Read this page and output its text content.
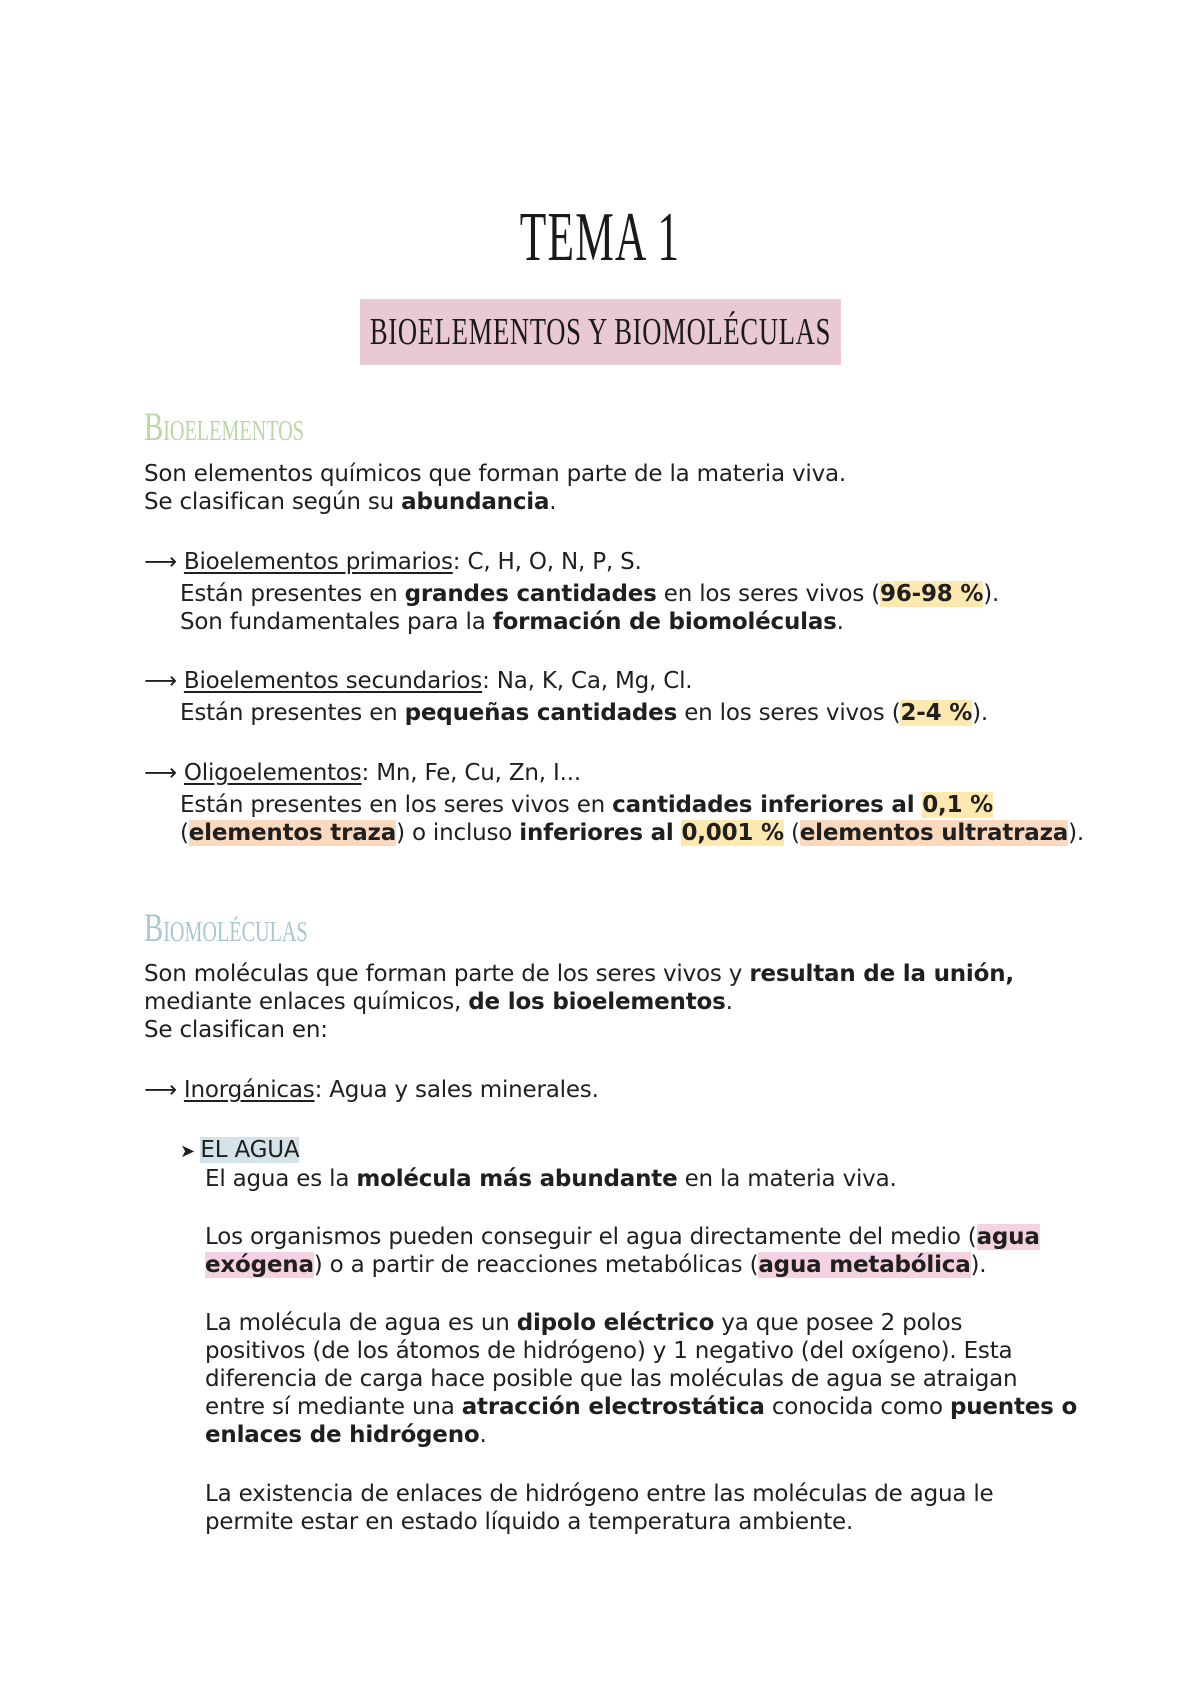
TEMA 1
BIOELEMENTOS Y BIOMOLÉCULAS
Bioelementos
Son elementos químicos que forman parte de la materia viva.
Se clasifican según su abundancia.
⟶ Bioelementos primarios: C, H, O, N, P, S.
Están presentes en grandes cantidades en los seres vivos (96-98 %).
Son fundamentales para la formación de biomoléculas.
⟶ Bioelementos secundarios: Na, K, Ca, Mg, Cl.
Están presentes en pequeñas cantidades en los seres vivos (2-4 %).
⟶ Oligoelementos: Mn, Fe, Cu, Zn, I...
Están presentes en los seres vivos en cantidades inferiores al 0,1 %
(elementos traza) o incluso inferiores al 0,001 % (elementos ultratraza).
Biomoléculas
Son moléculas que forman parte de los seres vivos y resultan de la unión,
mediante enlaces químicos, de los bioelementos.
Se clasifican en:
⟶ Inorgánicas: Agua y sales minerales.
➤ EL AGUA
El agua es la molécula más abundante en la materia viva.
Los organismos pueden conseguir el agua directamente del medio (agua
exógena) o a partir de reacciones metabólicas (agua metabólica).
La molécula de agua es un dipolo eléctrico ya que posee 2 polos
positivos (de los átomos de hidrógeno) y 1 negativo (del oxígeno). Esta
diferencia de carga hace posible que las moléculas de agua se atraigan
entre sí mediante una atracción electrostática conocida como puentes o
enlaces de hidrógeno.
La existencia de enlaces de hidrógeno entre las moléculas de agua le
permite estar en estado líquido a temperatura ambiente.
